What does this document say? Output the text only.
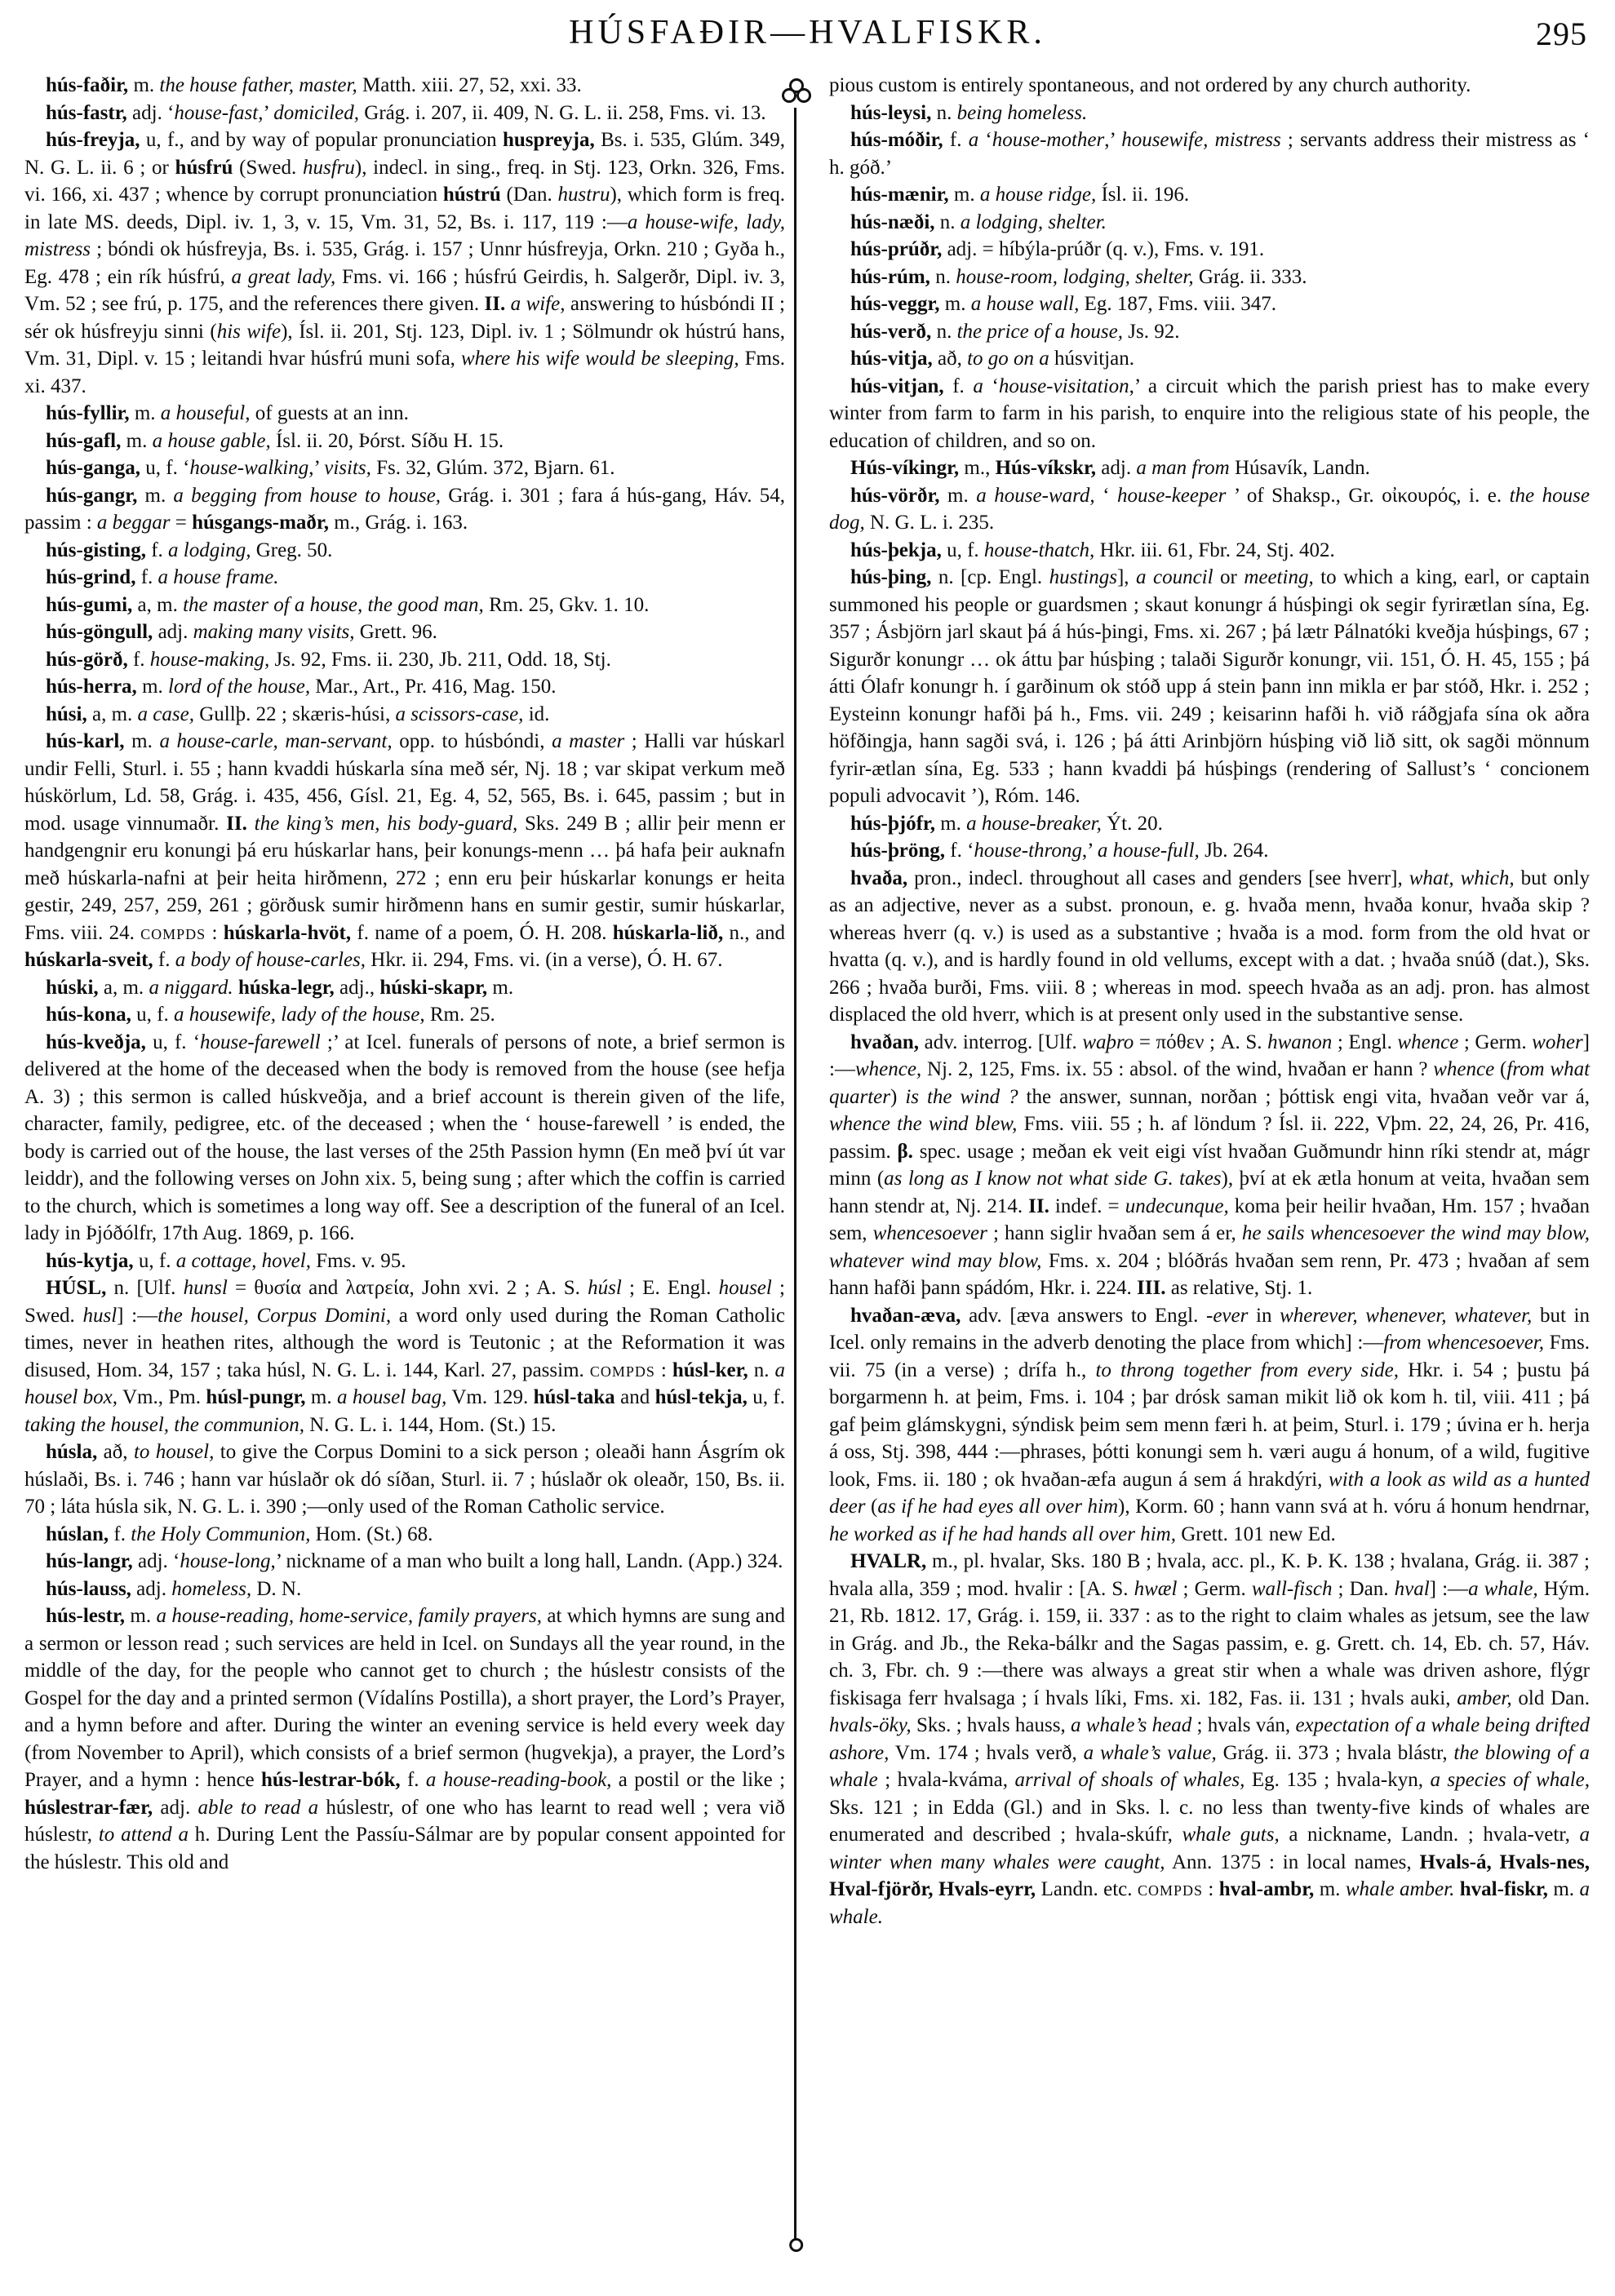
HÚSFAÐIR—HVALFISKR.	295

hús-faðir, m. the house father, master, Matth. xiii. 27, 52, xxi. 33.

hús-fastr, adj. ‘house-fast,’ domiciled, Grág. i. 207, ii. 409, N. G. L. ii. 258, Fms. vi. 13.

hús-freyja, u, f., and by way of popular pronunciation huspreyja, Bs. i. 535, Glúm. 349, N. G. L. ii. 6 ; or húsfrú (Swed. husfru), indecl. in sing., freq. in Stj. 123, Orkn. 326, Fms. vi. 166, xi. 437 ; whence by corrupt pronunciation hústrú (Dan. hustru), which form is freq. in late MS. deeds, Dipl. iv. 1, 3, v. 15, Vm. 31, 52, Bs. i. 117, 119 :—a house-wife, lady, mistress ; bóndi ok húsfreyja, Bs. i. 535, Grág. i. 157 ; Unnr húsfreyja, Orkn. 210 ; Gyða h., Eg. 478 ; ein rík húsfrú, a great lady, Fms. vi. 166 ; húsfrú Geirdis, h. Salgerðr, Dipl. iv. 3, Vm. 52 ; see frú, p. 175, and the references there given. II. a wife, answering to húsbóndi II ; sér ok húsfreyju sinni (his wife), Ísl. ii. 201, Stj. 123, Dipl. iv. 1 ; Sölmundr ok hústrú hans, Vm. 31, Dipl. v. 15 ; leitandi hvar húsfrú muni sofa, where his wife would be sleeping, Fms. xi. 437.

hús-fyllir, m. a houseful, of guests at an inn.

hús-gafl, m. a house gable, Ísl. ii. 20, Þórst. Síðu H. 15.

hús-ganga, u, f. ‘house-walking,’ visits, Fs. 32, Glúm. 372, Bjarn. 61.

hús-gangr, m. a begging from house to house, Grág. i. 301 ; fara á hús-gang, Háv. 54, passim : a beggar = húsgangs-maðr, m., Grág. i. 163.

hús-gisting, f. a lodging, Greg. 50.

hús-grind, f. a house frame.

hús-gumi, a, m. the master of a house, the good man, Rm. 25, Gkv. 1. 10.

hús-göngull, adj. making many visits, Grett. 96.

hús-görð, f. house-making, Js. 92, Fms. ii. 230, Jb. 211, Odd. 18, Stj.

hús-herra, m. lord of the house, Mar., Art., Pr. 416, Mag. 150.

húsi, a, m. a case, Gullþ. 22 ; skæris-húsi, a scissors-case, id.

hús-karl, m. a house-carle, man-servant, opp. to húsbóndi, a master ; Halli var húskarl undir Felli, Sturl. i. 55 ; hann kvaddi húskarla sína með sér, Nj. 18 ; var skipat verkum með húskörlum, Ld. 58, Grág. i. 435, 456, Gísl. 21, Eg. 4, 52, 565, Bs. i. 645, passim ; but in mod. usage vinnumaðr. II. the king’s men, his body-guard, Sks. 249 B ; allir þeir menn er handgengnir eru konungi þá eru húskarlar hans, þeir konungs-menn … þá hafa þeir auknafn með húskarla-nafni at þeir heita hirðmenn, 272 ; enn eru þeir húskarlar konungs er heita gestir, 249, 257, 259, 261 ; görðusk sumir hirðmenn hans en sumir gestir, sumir húskarlar, Fms. viii. 24. compds : húskarla-hvöt, f. name of a poem, Ó. H. 208. húskarla-lið, n., and húskarla-sveit, f. a body of house-carles, Hkr. ii. 294, Fms. vi. (in a verse), Ó. H. 67.

húski, a, m. a niggard. húska-legr, adj., húski-skapr, m.

hús-kona, u, f. a housewife, lady of the house, Rm. 25.

hús-kveðja, u, f. ‘house-farewell ;’ at Icel. funerals of persons of note, a brief sermon is delivered at the home of the deceased when the body is removed from the house (see hefja A. 3) ; this sermon is called húskveðja, and a brief account is therein given of the life, character, family, pedigree, etc. of the deceased ; when the ‘ house-farewell ’ is ended, the body is carried out of the house, the last verses of the 25th Passion hymn (En með því út var leiddr), and the following verses on John xix. 5, being sung ; after which the coffin is carried to the church, which is sometimes a long way off. See a description of the funeral of an Icel. lady in Þjóðólfr, 17th Aug. 1869, p. 166.

hús-kytja, u, f. a cottage, hovel, Fms. v. 95.

HÚSL, n. [Ulf. hunsl = θυσία and λατρεία, John xvi. 2 ; A. S. húsl ; E. Engl. housel ; Swed. husl] :—the housel, Corpus Domini, a word only used during the Roman Catholic times, never in heathen rites, although the word is Teutonic ; at the Reformation it was disused, Hom. 34, 157 ; taka húsl, N. G. L. i. 144, Karl. 27, passim. compds : húsl-ker, n. a housel box, Vm., Pm. húsl-pungr, m. a housel bag, Vm. 129. húsl-taka and húsl-tekja, u, f. taking the housel, the communion, N. G. L. i. 144, Hom. (St.) 15.

húsla, að, to housel, to give the Corpus Domini to a sick person ; oleaði hann Ásgrím ok húslaði, Bs. i. 746 ; hann var húslaðr ok dó síðan, Sturl. ii. 7 ; húslaðr ok oleaðr, 150, Bs. ii. 70 ; láta húsla sik, N. G. L. i. 390 ;—only used of the Roman Catholic service.

húslan, f. the Holy Communion, Hom. (St.) 68.

hús-langr, adj. ‘house-long,’ nickname of a man who built a long hall, Landn. (App.) 324.

hús-lauss, adj. homeless, D. N.

hús-lestr, m. a house-reading, home-service, family prayers, at which hymns are sung and a sermon or lesson read ; such services are held in Icel. on Sundays all the year round, in the middle of the day, for the people who cannot get to church ; the húslestr consists of the Gospel for the day and a printed sermon (Vídalíns Postilla), a short prayer, the Lord’s Prayer, and a hymn before and after. During the winter an evening service is held every week day (from November to April), which consists of a brief sermon (hugvekja), a prayer, the Lord’s Prayer, and a hymn : hence hús-lestrar-bók, f. a house-reading-book, a postil or the like ; húslestrar-fær, adj. able to read a húslestr, of one who has learnt to read well ; vera við húslestr, to attend a h. During Lent the Passíu-Sálmar are by popular consent appointed for the húslestr. This old and

pious custom is entirely spontaneous, and not ordered by any church authority.

hús-leysi, n. being homeless.

hús-móðir, f. a ‘house-mother,’ housewife, mistress ; servants address their mistress as ‘ h. góð.’

hús-mænir, m. a house ridge, Ísl. ii. 196.

hús-næði, n. a lodging, shelter.

hús-prúðr, adj. = híbýla-prúðr (q. v.), Fms. v. 191.

hús-rúm, n. house-room, lodging, shelter, Grág. ii. 333.

hús-veggr, m. a house wall, Eg. 187, Fms. viii. 347.

hús-verð, n. the price of a house, Js. 92.

hús-vitja, að, to go on a húsvitjan.

hús-vitjan, f. a ‘house-visitation,’ a circuit which the parish priest has to make every winter from farm to farm in his parish, to enquire into the religious state of his people, the education of children, and so on.

Hús-víkingr, m., Hús-víkskr, adj. a man from Húsavík, Landn.

hús-vörðr, m. a house-ward, ‘ house-keeper ’ of Shaksp., Gr. οἰκουρός, i. e. the house dog, N. G. L. i. 235.

hús-þekja, u, f. house-thatch, Hkr. iii. 61, Fbr. 24, Stj. 402.

hús-þing, n. [cp. Engl. hustings], a council or meeting, to which a king, earl, or captain summoned his people or guardsmen ; skaut konungr á húsþingi ok segir fyrirætlan sína, Eg. 357 ; Ásbjörn jarl skaut þá á hús-þingi, Fms. xi. 267 ; þá lætr Pálnatóki kveðja húsþings, 67 ; Sigurðr konungr … ok áttu þar húsþing ; talaði Sigurðr konungr, vii. 151, Ó. H. 45, 155 ; þá átti Ólafr konungr h. í garðinum ok stóð upp á stein þann inn mikla er þar stóð, Hkr. i. 252 ; Eysteinn konungr hafði þá h., Fms. vii. 249 ; keisarinn hafði h. við ráðgjafa sína ok aðra höfðingja, hann sagði svá, i. 126 ; þá átti Arinbjörn húsþing við lið sitt, ok sagði mönnum fyrir-ætlan sína, Eg. 533 ; hann kvaddi þá húsþings (rendering of Sallust’s ‘ concionem populi advocavit ’), Róm. 146.

hús-þjófr, m. a house-breaker, Ýt. 20.

hús-þröng, f. ‘house-throng,’ a house-full, Jb. 264.

hvaða, pron., indecl. throughout all cases and genders [see hverr], what, which, but only as an adjective, never as a subst. pronoun, e. g. hvaða menn, hvaða konur, hvaða skip ? whereas hverr (q. v.) is used as a substantive ; hvaða is a mod. form from the old hvat or hvatta (q. v.), and is hardly found in old vellums, except with a dat. ; hvaða snúð (dat.), Sks. 266 ; hvaða burði, Fms. viii. 8 ; whereas in mod. speech hvaða as an adj. pron. has almost displaced the old hverr, which is at present only used in the substantive sense.

hvaðan, adv. interrog. [Ulf. waþro = πόθεν ; A. S. hwanon ; Engl. whence ; Germ. woher] :—whence, Nj. 2, 125, Fms. ix. 55 : absol. of the wind, hvaðan er hann ? whence (from what quarter) is the wind ? the answer, sunnan, norðan ; þóttisk engi vita, hvaðan veðr var á, whence the wind blew, Fms. viii. 55 ; h. af löndum ? Ísl. ii. 222, Vþm. 22, 24, 26, Pr. 416, passim. β. spec. usage ; meðan ek veit eigi víst hvaðan Guðmundr hinn ríki stendr at, mágr minn (as long as I know not what side G. takes), því at ek ætla honum at veita, hvaðan sem hann stendr at, Nj. 214. II. indef. = undecunque, koma þeir heilir hvaðan, Hm. 157 ; hvaðan sem, whencesoever ; hann siglir hvaðan sem á er, he sails whencesoever the wind may blow, whatever wind may blow, Fms. x. 204 ; blóðrás hvaðan sem renn, Pr. 473 ; hvaðan af sem hann hafði þann spádóm, Hkr. i. 224. III. as relative, Stj. 1.

hvaðan-æva, adv. [æva answers to Engl. -ever in wherever, whenever, whatever, but in Icel. only remains in the adverb denoting the place from which] :—from whencesoever, Fms. vii. 75 (in a verse) ; drífa h., to throng together from every side, Hkr. i. 54 ; þustu þá borgarmenn h. at þeim, Fms. i. 104 ; þar drósk saman mikit lið ok kom h. til, viii. 411 ; þá gaf þeim glámskygni, sýndisk þeim sem menn færi h. at þeim, Sturl. i. 179 ; úvina er h. herja á oss, Stj. 398, 444 :—phrases, þótti konungi sem h. væri augu á honum, of a wild, fugitive look, Fms. ii. 180 ; ok hvaðan-æfa augun á sem á hrakdýri, with a look as wild as a hunted deer (as if he had eyes all over him), Korm. 60 ; hann vann svá at h. vóru á honum hendrnar, he worked as if he had hands all over him, Grett. 101 new Ed.

HVALR, m., pl. hvalar, Sks. 180 B ; hvala, acc. pl., K. Þ. K. 138 ; hvalana, Grág. ii. 387 ; hvala alla, 359 ; mod. hvalir : [A. S. hwæl ; Germ. wall-fisch ; Dan. hval] :—a whale, Hým. 21, Rb. 1812. 17, Grág. i. 159, ii. 337 : as to the right to claim whales as jetsum, see the law in Grág. and Jb., the Reka-bálkr and the Sagas passim, e. g. Grett. ch. 14, Eb. ch. 57, Háv. ch. 3, Fbr. ch. 9 :—there was always a great stir when a whale was driven ashore, flýgr fiskisaga ferr hvalsaga ; í hvals líki, Fms. xi. 182, Fas. ii. 131 ; hvals auki, amber, old Dan. hvals-öky, Sks. ; hvals hauss, a whale’s head ; hvals ván, expectation of a whale being drifted ashore, Vm. 174 ; hvals verð, a whale’s value, Grág. ii. 373 ; hvala blástr, the blowing of a whale ; hvala-kváma, arrival of shoals of whales, Eg. 135 ; hvala-kyn, a species of whale, Sks. 121 ; in Edda (Gl.) and in Sks. l. c. no less than twenty-five kinds of whales are enumerated and described ; hvala-skúfr, whale guts, a nickname, Landn. ; hvala-vetr, a winter when many whales were caught, Ann. 1375 : in local names, Hvals-á, Hvals-nes, Hval-fjörðr, Hvals-eyrr, Landn. etc. compds : hval-ambr, m. whale amber. hval-fiskr, m. a whale.
